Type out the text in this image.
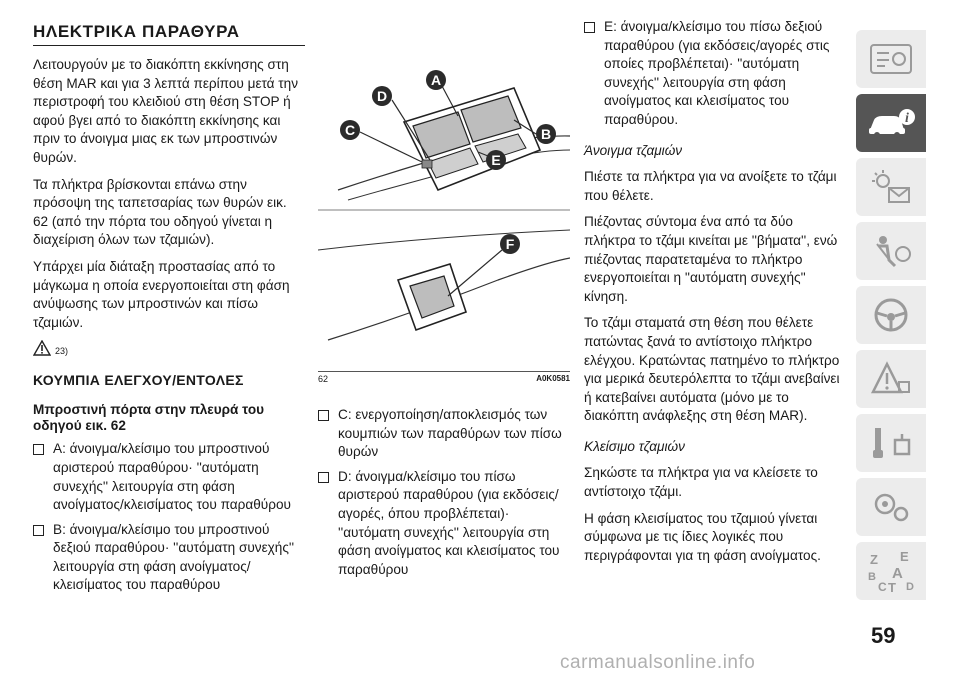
ΗΛΕΚΤΡΙΚΑ ΠΑΡΑΘΥΡΑ

Λειτουργούν με το διακόπτη εκκίνησης στη θέση MAR και για 3 λεπτά περίπου μετά την περιστροφή του κλειδιού στη θέση STOP ή αφού βγει από το διακόπτη εκκίνησης και πριν το άνοιγμα μιας εκ των μπροστινών θυρών.

Τα πλήκτρα βρίσκονται επάνω στην πρόσοψη της ταπετσαρίας των θυρών εικ. 62 (από την πόρτα του οδηγού γίνεται η διαχείριση όλων των τζαμιών).

Υπάρχει μία διάταξη προστασίας από το μάγκωμα η οποία ενεργοποιείται στη φάση ανύψωσης των μπροστινών και πίσω τζαμιών.

23)
ΚΟΥΜΠΙΑ ΕΛΕΓΧΟΥ/ΕΝΤΟΛΕΣ
Μπροστινή πόρτα στην πλευρά του οδηγού εικ. 62
A: άνοιγμα/κλείσιμο του μπροστινού αριστερού παραθύρου· ''αυτόματη συνεχής'' λειτουργία στη φάση ανοίγματος/κλεισίματος του παραθύρου
B: άνοιγμα/κλείσιμο του μπροστινού δεξιού παραθύρου· ''αυτόματη συνεχής'' λειτουργία στη φάση ανοίγματος/κλεισίματος του παραθύρου
A
B
C
D
E
F
62	A0K0581
C: ενεργοποίηση/αποκλεισμός των κουμπιών των παραθύρων των πίσω θυρών
D: άνοιγμα/κλείσιμο του πίσω αριστερού παραθύρου (για εκδόσεις/αγορές, όπου προβλέπεται)· ''αυτόματη συνεχής'' λειτουργία στη φάση ανοίγματος και κλεισίματος του παραθύρου
E: άνοιγμα/κλείσιμο του πίσω δεξιού παραθύρου (για εκδόσεις/αγορές στις οποίες προβλέπεται)· ''αυτόματη συνεχής'' λειτουργία στη φάση ανοίγματος και κλεισίματος του παραθύρου.

Άνοιγμα τζαμιών

Πιέστε τα πλήκτρα για να ανοίξετε το τζάμι που θέλετε.

Πιέζοντας σύντομα ένα από τα δύο πλήκτρα το τζάμι κινείται με ''βήματα'', ενώ πιέζοντας παρατεταμένα το πλήκτρο ενεργοποιείται η ''αυτόματη συνεχής'' κίνηση.

Το τζάμι σταματά στη θέση που θέλετε πατώντας ξανά το αντίστοιχο πλήκτρο ελέγχου. Κρατώντας πατημένο το πλήκτρο για μερικά δευτερόλεπτα το τζάμι ανεβαίνει ή κατεβαίνει αυτόματα (μόνο με το διακόπτη ανάφλεξης στη θέση MAR).

Κλείσιμο τζαμιών

Σηκώστε τα πλήκτρα για να κλείσετε το αντίστοιχο τζάμι.

Η φάση κλεισίματος του τζαμιού γίνεται σύμφωνα με τις ίδιες λογικές που περιγράφονται για τη φάση ανοίγματος.

i
Z E
B A
C T D
59
carmanualsonline.info
